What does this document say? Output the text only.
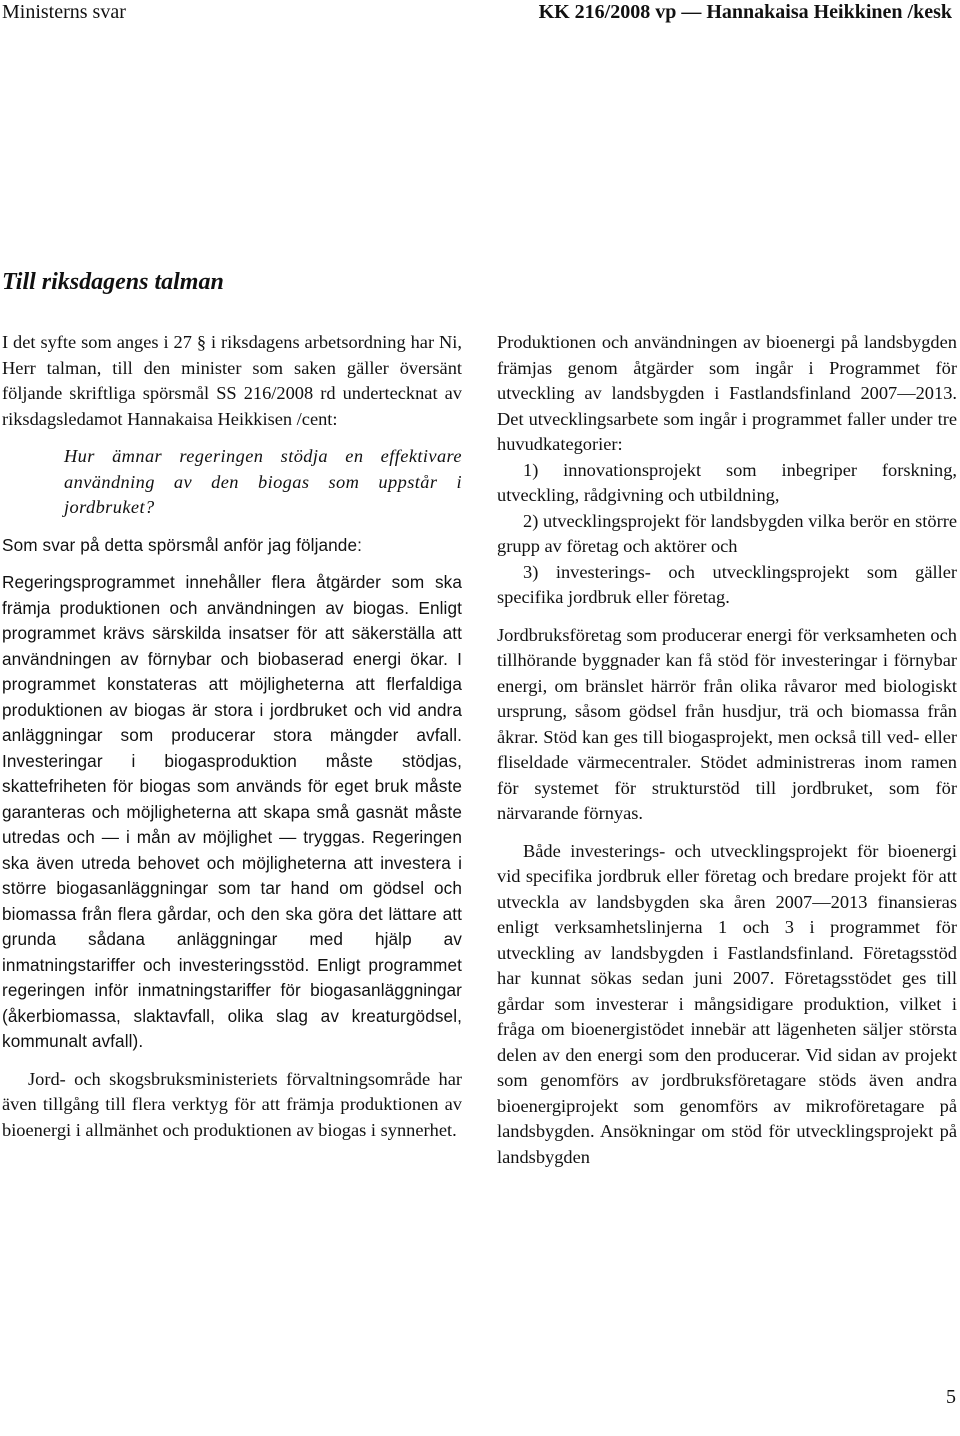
Ministerns svar	KK 216/2008 vp — Hannakaisa Heikkinen /kesk
Till riksdagens talman

I det syfte som anges i 27 § i riksdagens arbetsordning har Ni, Herr talman, till den minister som saken gäller översänt följande skriftliga spörsmål SS 216/2008 rd undertecknat av riksdagsledamot Hannakaisa Heikkisen /cent:

Hur ämnar regeringen stödja en effektivare användning av den biogas som uppstår i jordbruket?

Som svar på detta spörsmål anför jag följande:

Regeringsprogrammet innehåller flera åtgärder som ska främja produktionen och användningen av biogas. Enligt programmet krävs särskilda insatser för att säkerställa att användningen av förnybar och biobaserad energi ökar. I programmet konstateras att möjligheterna att flerfaldiga produktionen av biogas är stora i jordbruket och vid andra anläggningar som producerar stora mängder avfall. Investeringar i biogasproduktion måste stödjas, skattefriheten för biogas som används för eget bruk måste garanteras och möjligheterna att skapa små gasnät måste utredas och — i mån av möjlighet — tryggas. Regeringen ska även utreda behovet och möjligheterna att investera i större biogasanläggningar som tar hand om gödsel och biomassa från flera gårdar, och den ska göra det lättare att grunda sådana anläggningar med hjälp av inmatningstariffer och investeringsstöd. Enligt programmet regeringen inför inmatningstariffer för biogasanläggningar (åkerbiomassa, slaktavfall, olika slag av kreaturgödsel, kommunalt avfall).

Jord- och skogsbruksministeriets förvaltningsområde har även tillgång till flera verktyg för att främja produktionen av bioenergi i allmänhet och produktionen av biogas i synnerhet.

Produktionen och användningen av bioenergi på landsbygden främjas genom åtgärder som ingår i Programmet för utveckling av landsbygden i Fastlandsfinland 2007—2013. Det utvecklingsarbete som ingår i programmet faller under tre huvudkategorier:

1) innovationsprojekt som inbegriper forskning, utveckling, rådgivning och utbildning,

2) utvecklingsprojekt för landsbygden vilka berör en större grupp av företag och aktörer och

3) investerings- och utvecklingsprojekt som gäller specifika jordbruk eller företag.

Jordbruksföretag som producerar energi för verksamheten och tillhörande byggnader kan få stöd för investeringar i förnybar energi, om bränslet härrör från olika råvaror med biologiskt ursprung, såsom gödsel från husdjur, trä och biomassa från åkrar. Stöd kan ges till biogasprojekt, men också till ved- eller fliseldade värmecentraler. Stödet administreras inom ramen för systemet för strukturstöd till jordbruket, som för närvarande förnyas.

Både investerings- och utvecklingsprojekt för bioenergi vid specifika jordbruk eller företag och bredare projekt för att utveckla av landsbygden ska åren 2007—2013 finansieras enligt verksamhetslinjerna 1 och 3 i programmet för utveckling av landsbygden i Fastlandsfinland. Företagsstöd har kunnat sökas sedan juni 2007. Företagsstödet ges till gårdar som investerar i mångsidigare produktion, vilket i fråga om bioenergistödet innebär att lägenheten säljer största delen av den energi som den producerar. Vid sidan av projekt som genomförs av jordbruksföretagare stöds även andra bioenergiprojekt som genomförs av mikroföretagare på landsbygden. Ansökningar om stöd för utvecklingsprojekt på landsbygden

5
